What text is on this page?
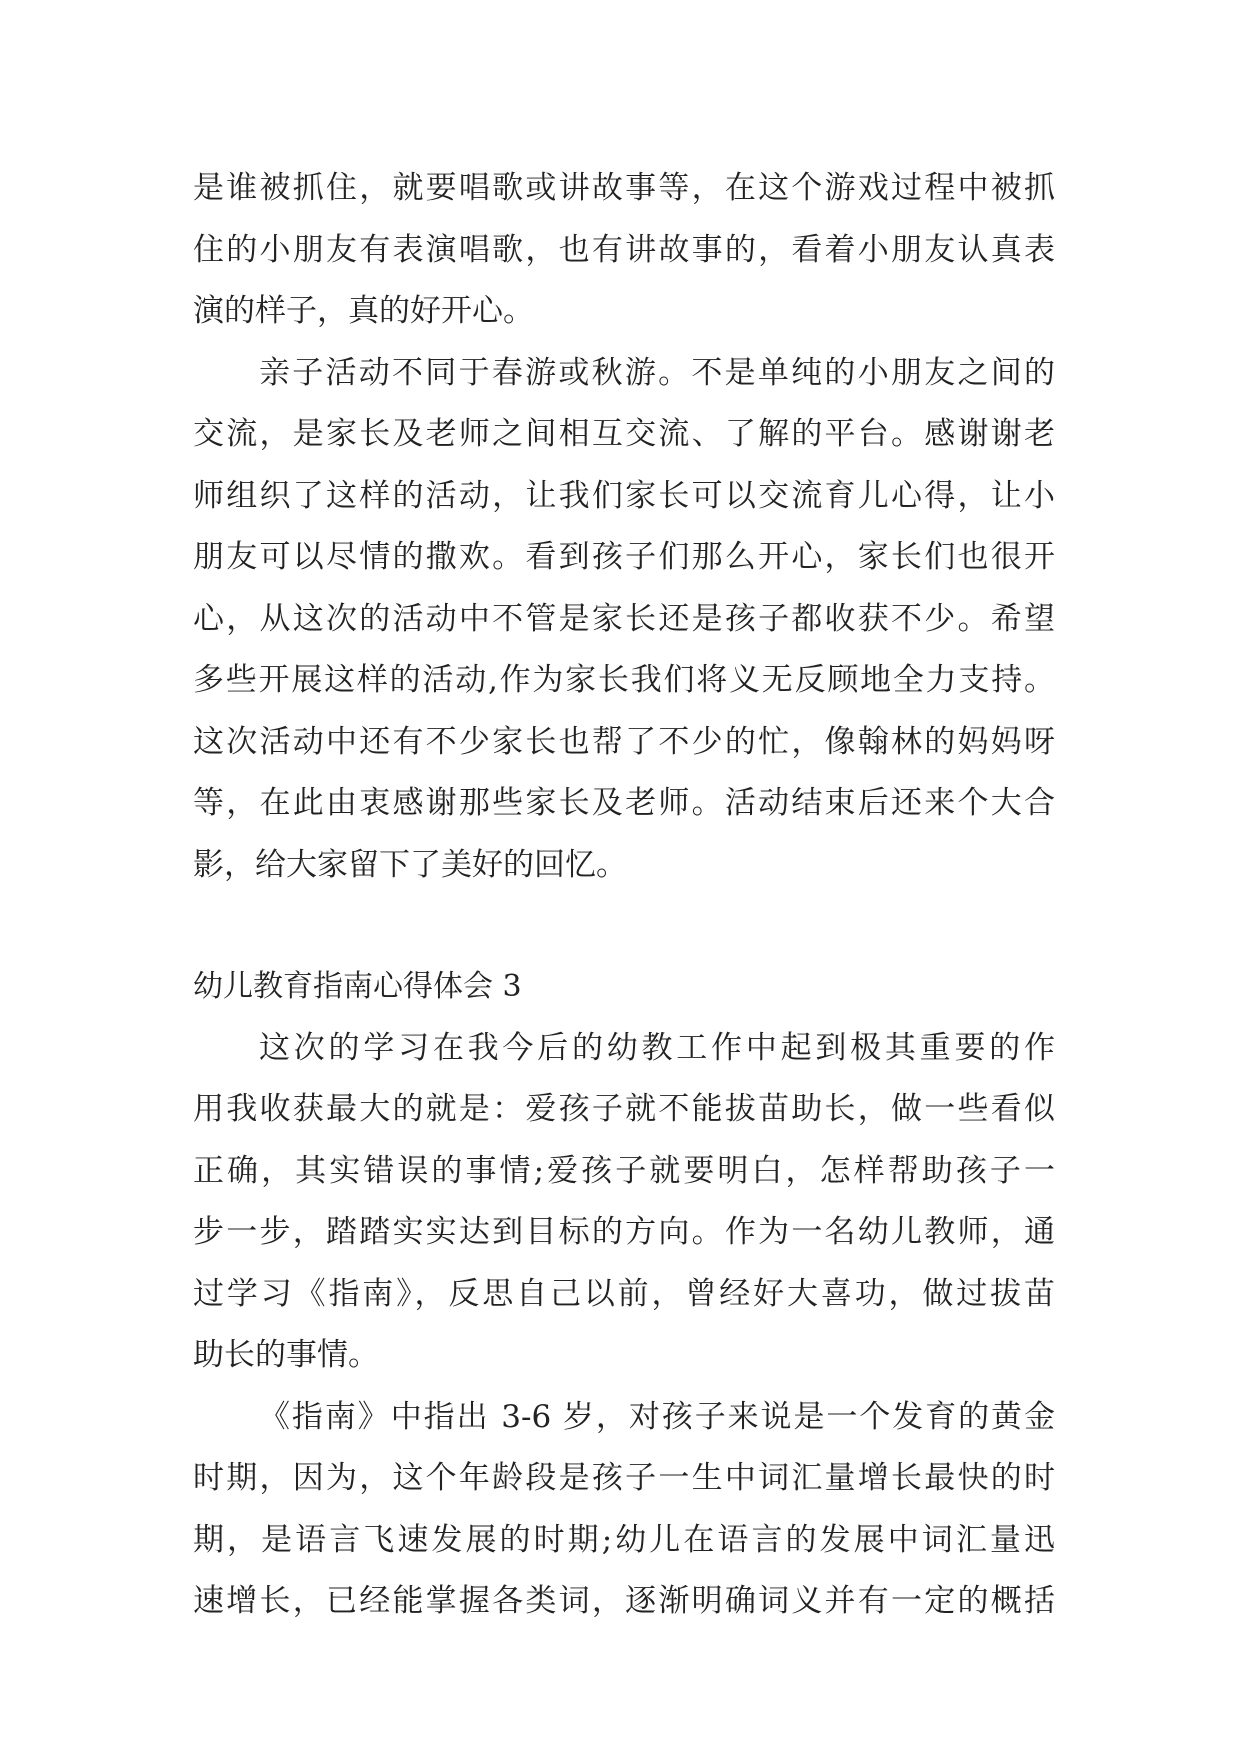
是谁被抓住，就要唱歌或讲故事等，在这个游戏过程中被抓
住的小朋友有表演唱歌，也有讲故事的，看着小朋友认真表
演的样子，真的好开心。
亲子活动不同于春游或秋游。不是单纯的小朋友之间的
交流，是家长及老师之间相互交流、了解的平台。感谢谢老
师组织了这样的活动，让我们家长可以交流育儿心得，让小
朋友可以尽情的撒欢。看到孩子们那么开心，家长们也很开
心，从这次的活动中不管是家长还是孩子都收获不少。希望
多些开展这样的活动,作为家长我们将义无反顾地全力支持。
这次活动中还有不少家长也帮了不少的忙，像翰林的妈妈呀
等，在此由衷感谢那些家长及老师。活动结束后还来个大合
影，给大家留下了美好的回忆。
幼儿教育指南心得体会 3
这次的学习在我今后的幼教工作中起到极其重要的作
用我收获最大的就是：爱孩子就不能拔苗助长，做一些看似
正确，其实错误的事情;爱孩子就要明白，怎样帮助孩子一
步一步，踏踏实实达到目标的方向。作为一名幼儿教师，通
过学习《指南》，反思自己以前，曾经好大喜功，做过拔苗
助长的事情。
《指南》中指出 3-6 岁，对孩子来说是一个发育的黄金
时期，因为，这个年龄段是孩子一生中词汇量增长最快的时
期，是语言飞速发展的时期;幼儿在语言的发展中词汇量迅
速增长，已经能掌握各类词，逐渐明确词义并有一定的概括
